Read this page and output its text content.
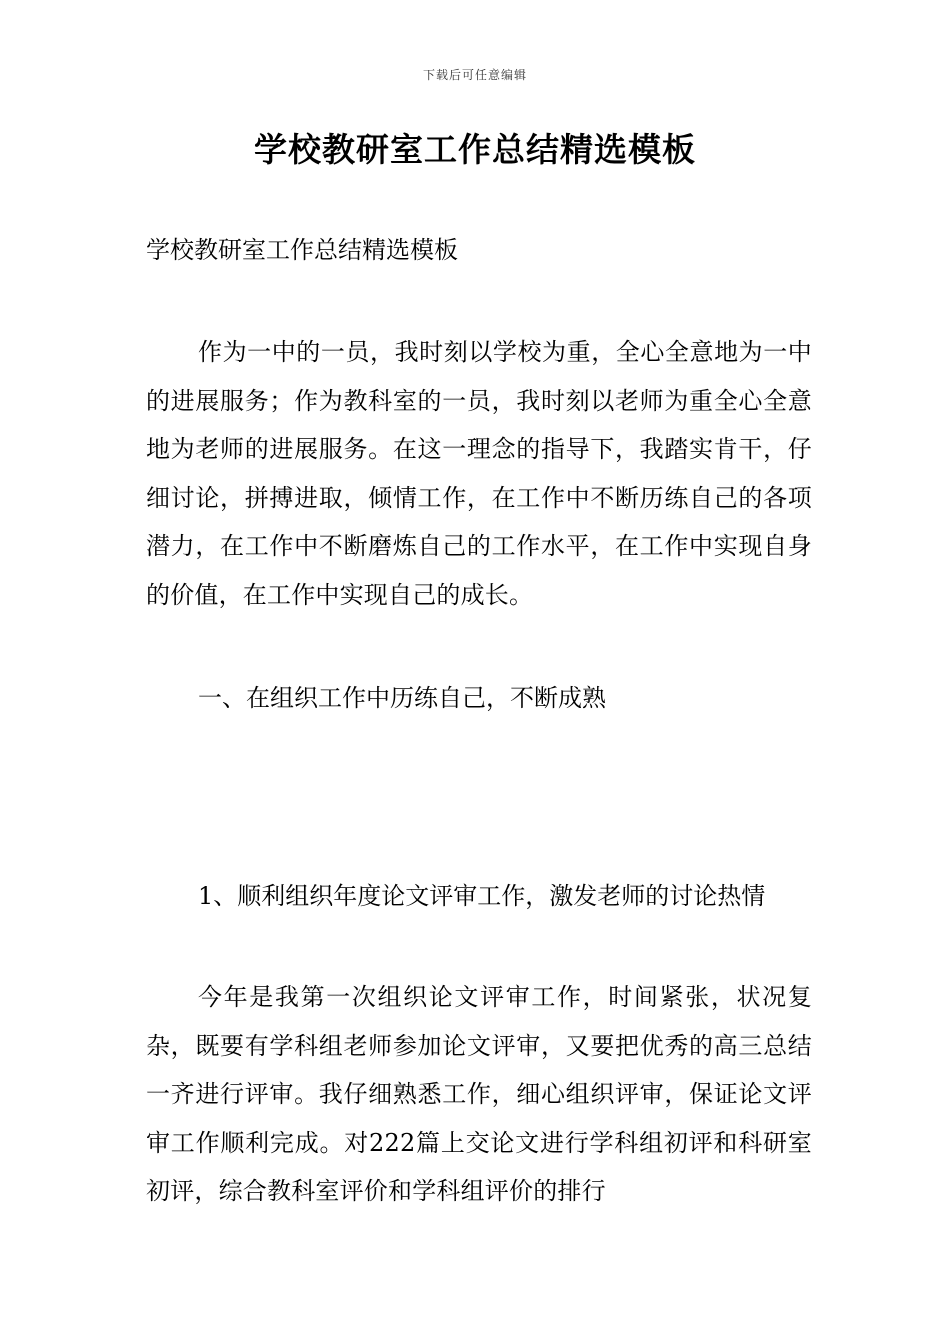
下载后可任意编辑
学校教研室工作总结精选模板

学校教研室工作总结精选模板

作为一中的一员，我时刻以学校为重，全心全意地为一中的进展服务；作为教科室的一员，我时刻以老师为重全心全意地为老师的进展服务。在这一理念的指导下，我踏实肯干，仔细讨论，拼搏进取，倾情工作，在工作中不断历练自己的各项潜力，在工作中不断磨炼自己的工作水平，在工作中实现自身的价值，在工作中实现自己的成长。

一、在组织工作中历练自己，不断成熟

1、顺利组织年度论文评审工作，激发老师的讨论热情

今年是我第一次组织论文评审工作，时间紧张，状况复杂，既要有学科组老师参加论文评审，又要把优秀的高三总结一齐进行评审。我仔细熟悉工作，细心组织评审，保证论文评审工作顺利完成。对222篇上交论文进行学科组初评和科研室初评，综合教科室评价和学科组评价的排行
